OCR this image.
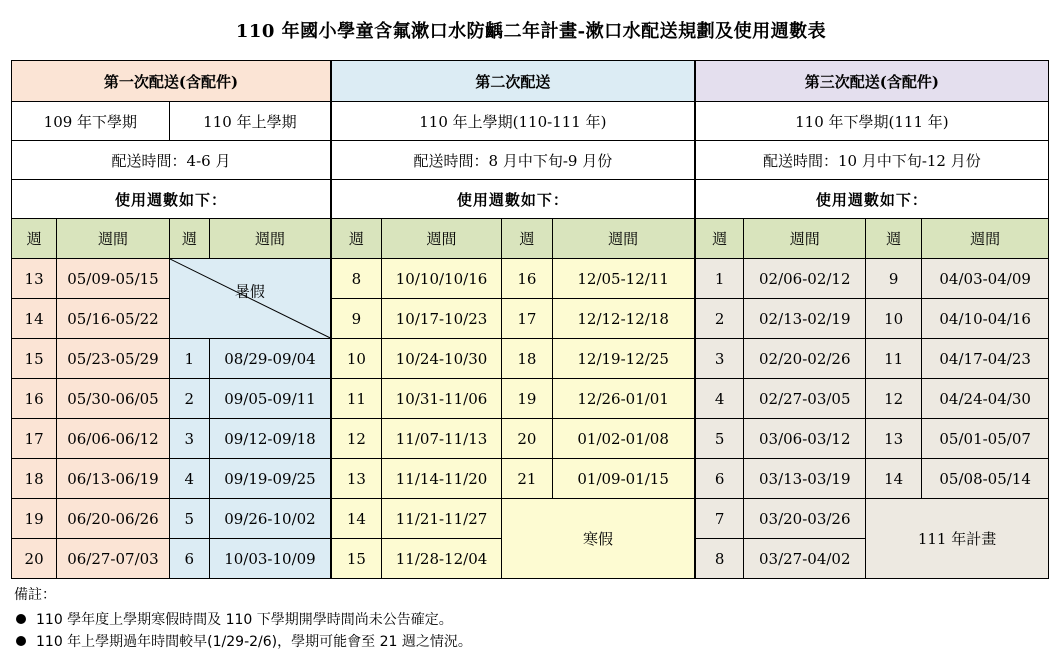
110 年國小學童含氟漱口水防齲二年計畫-漱口水配送規劃及使用週數表
第一次配送(含配件)				第二次配送				第三次配送(含配件)			
109 年下學期		110 年上學期		110 年上學期(110-111 年)				110 年下學期(111 年)			
配送時間：4-6 月				配送時間：8 月中下旬-9 月份				配送時間：10 月中下旬-12 月份			
使用週數如下：				使用週數如下：				使用週數如下：			
週	週間	週	週間	週	週間	週	週間	週	週間	週	週間
13	05/09-05/15	暑假		8	10/10/10/16	16	12/05-12/11	1	02/06-02/12	9	04/03-04/09
14	05/16-05/22			9	10/17-10/23	17	12/12-12/18	2	02/13-02/19	10	04/10-04/16
15	05/23-05/29	1	08/29-09/04	10	10/24-10/30	18	12/19-12/25	3	02/20-02/26	11	04/17-04/23
16	05/30-06/05	2	09/05-09/11	11	10/31-11/06	19	12/26-01/01	4	02/27-03/05	12	04/24-04/30
17	06/06-06/12	3	09/12-09/18	12	11/07-11/13	20	01/02-01/08	5	03/06-03/12	13	05/01-05/07
18	06/13-06/19	4	09/19-09/25	13	11/14-11/20	21	01/09-01/15	6	03/13-03/19	14	05/08-05/14
19	06/20-06/26	5	09/26-10/02	14	11/21-11/27	寒假		7	03/20-03/26	111 年計畫	
20	06/27-07/03	6	10/03-10/09	15	11/28-12/04			8	03/27-04/02		
備註：
110 學年度上學期寒假時間及 110 下學期開學時間尚未公告確定。
110 年上學期過年時間較早(1/29-2/6)，學期可能會至 21 週之情況。
